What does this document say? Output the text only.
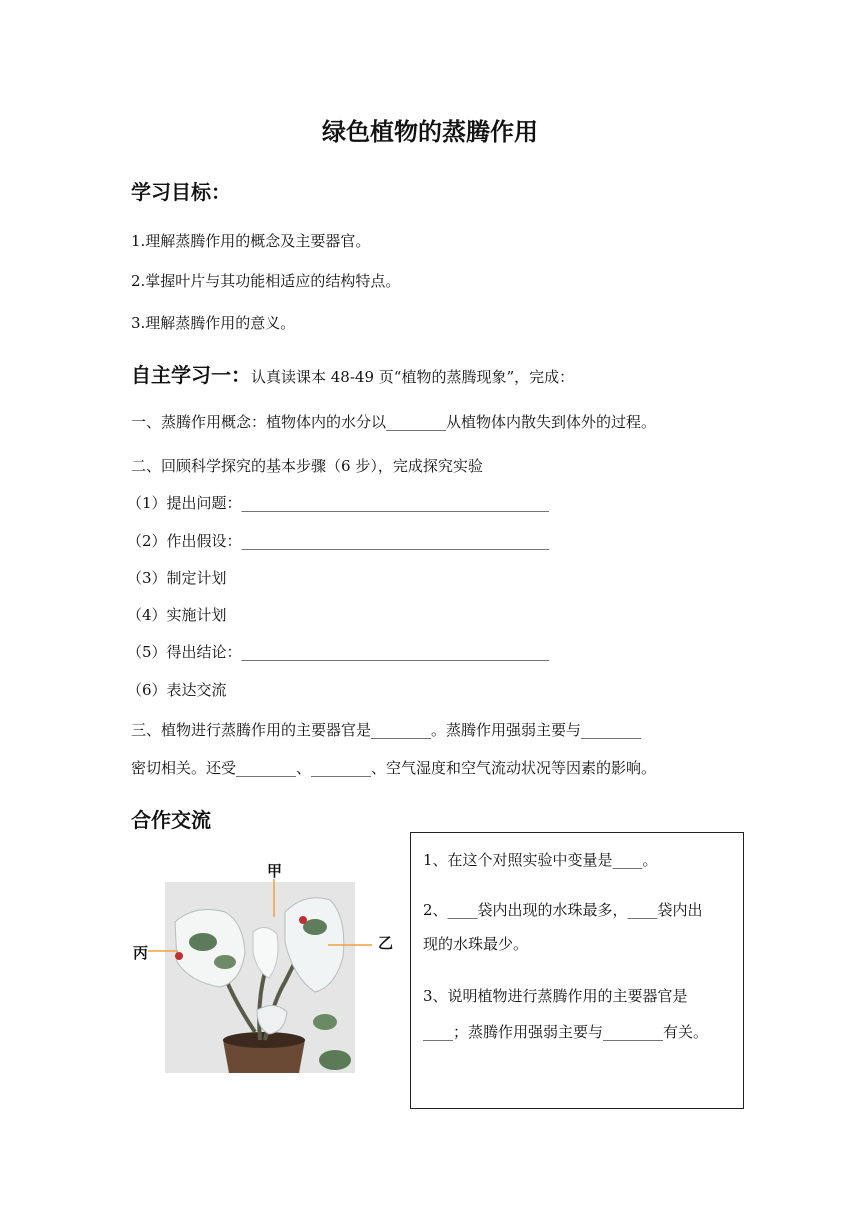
绿色植物的蒸腾作用
学习目标：
1.理解蒸腾作用的概念及主要器官。
2.掌握叶片与其功能相适应的结构特点。
3.理解蒸腾作用的意义。
自主学习一：认真读课本 48-49 页“植物的蒸腾现象”，完成：
一、蒸腾作用概念：植物体内的水分以________从植物体内散失到体外的过程。
二、回顾科学探究的基本步骤（6 步），完成探究实验
（1）提出问题：_________________________________________
（2）作出假设：_________________________________________
（3）制定计划
（4）实施计划
（5）得出结论：_________________________________________
（6）表达交流
三、植物进行蒸腾作用的主要器官是________。蒸腾作用强弱主要与________
密切相关。还受________、________、空气湿度和空气流动状况等因素的影响。
合作交流
甲
乙
丙
1、在这个对照实验中变量是____。
2、____袋内出现的水珠最多，____袋内出
现的水珠最少。
3、说明植物进行蒸腾作用的主要器官是
____；蒸腾作用强弱主要与________有关。
